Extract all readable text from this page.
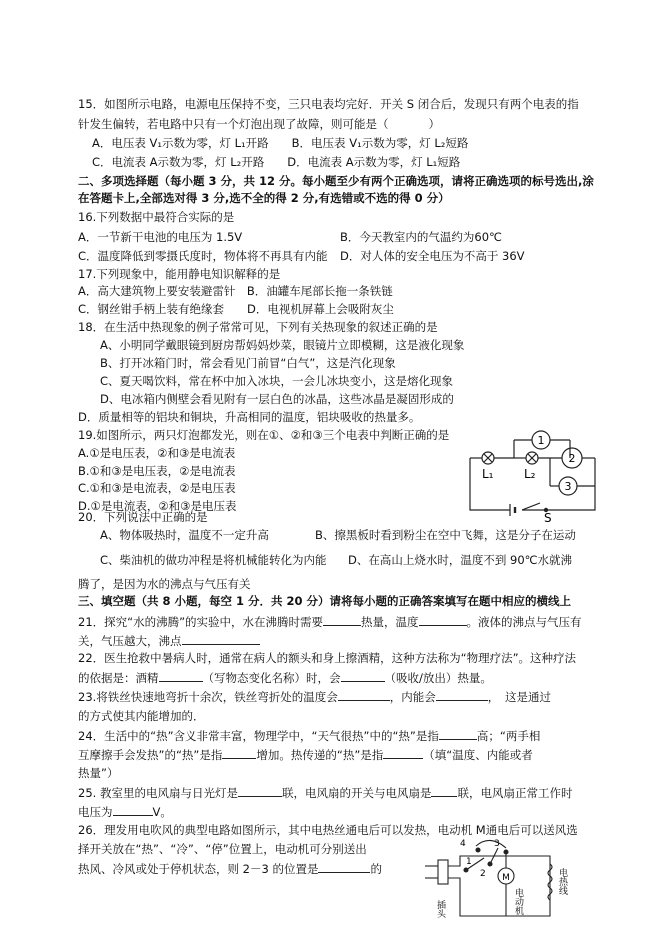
15．如图所示电路，电源电压保持不变，三只电表均完好．开关 S 闭合后，发现只有两个电表的指
针发生偏转，若电路中只有一个灯泡出现了故障，则可能是（	）
A．电压表 V₁示数为零，灯 L₁开路　　B．电压表 V₁示数为零，灯 L₂短路
C．电流表 A示数为零，灯 L₂开路　　D．电流表 A示数为零，灯 L₁短路
二、多项选择题（每小题 3 分，共 12 分。每小题至少有两个正确选项，请将正确选项的标号选出,涂
在答题卡上,全部选对得 3 分,选不全的得 2 分,有选错或不选的得 0 分）
16.下列数据中最符合实际的是
A．一节新干电池的电压为 1.5V	B．今天教室内的气温约为60℃
C．温度降低到零摄氏度时，物体将不再具有内能 D．对人体的安全电压为不高于 36V
17.下列现象中，能用静电知识解释的是
A．高大建筑物上要安装避雷针　B．油罐车尾部长拖一条铁链
C．钢丝钳手柄上装有绝缘套　　D．电视机屏幕上会吸附灰尘
18．在生活中热现象的例子常常可见，下列有关热现象的叙述正确的是
A、小明同学戴眼镜到厨房帮妈妈炒菜，眼镜片立即模糊，这是液化现象
B、打开冰箱门时，常会看见门前冒“白气”，这是汽化现象
C、夏天喝饮料，常在杯中加入冰块，一会儿冰块变小，这是熔化现象
D、电冰箱内侧壁会看见附有一层白色的冰晶，这些冰晶是凝固形成的
D．质量相等的铝块和铜块，升高相同的温度，铝块吸收的热量多。
19.如图所示，两只灯泡都发光，则在①、②和③三个电表中判断正确的是
A.①是电压表，②和③是电流表
B.①和③是电压表，②是电流表
C.①和③是电流表，②是电压表
D.①是电流表，②和③是电压表
1
2
3
L₁	L₂
S
20．下列说法中正确的是
A、物体吸热时，温度不一定升高	B、擦黑板时看到粉尘在空中飞舞，这是分子在运动
C、柴油机的做功冲程是将机械能转化为内能 D、在高山上烧水时，温度不到 90℃水就沸
腾了，是因为水的沸点与气压有关
三、填空题（共 8 小题，每空 1 分．共 20 分）请将每小题的正确答案填写在题中相应的横线上
21．探究“水的沸腾”的实验中，水在沸腾时需要	热量，温度	。液体的沸点与气压有
关，气压越大，沸点
22．医生抢救中暑病人时，通常在病人的额头和身上擦酒精，这种方法称为“物理疗法”。这种疗法
的依据是：酒精	（写物态变化名称）时，会	（吸收/放出）热量。
23.将铁丝快速地弯折十余次，铁丝弯折处的温度会	，内能会	，　这是通过
的方式使其内能增加的．
24．生活中的“热”含义非常丰富，物理学中，“天气很热”中的“热”是指	高；“两手相
互摩擦手会发热”的“热”是指	增加。热传递的“热”是指	（填“温度、内能或者
热量”）
25. 教室里的电风扇与日光灯是	联，电风扇的开关与电风扇是 联，电风扇正常工作时
电压为	V。
26．理发用电吹风的典型电路如图所示，其中电热丝通电后可以发热，电动机 M通电后可以送风选
择开关放在“热”、“冷”、“停”位置上，电动机可分别送出
热风、冷风或处于停机状态，则 2－3 的位置是	的
M
4
1
2
3
插头	电动机
电热线
